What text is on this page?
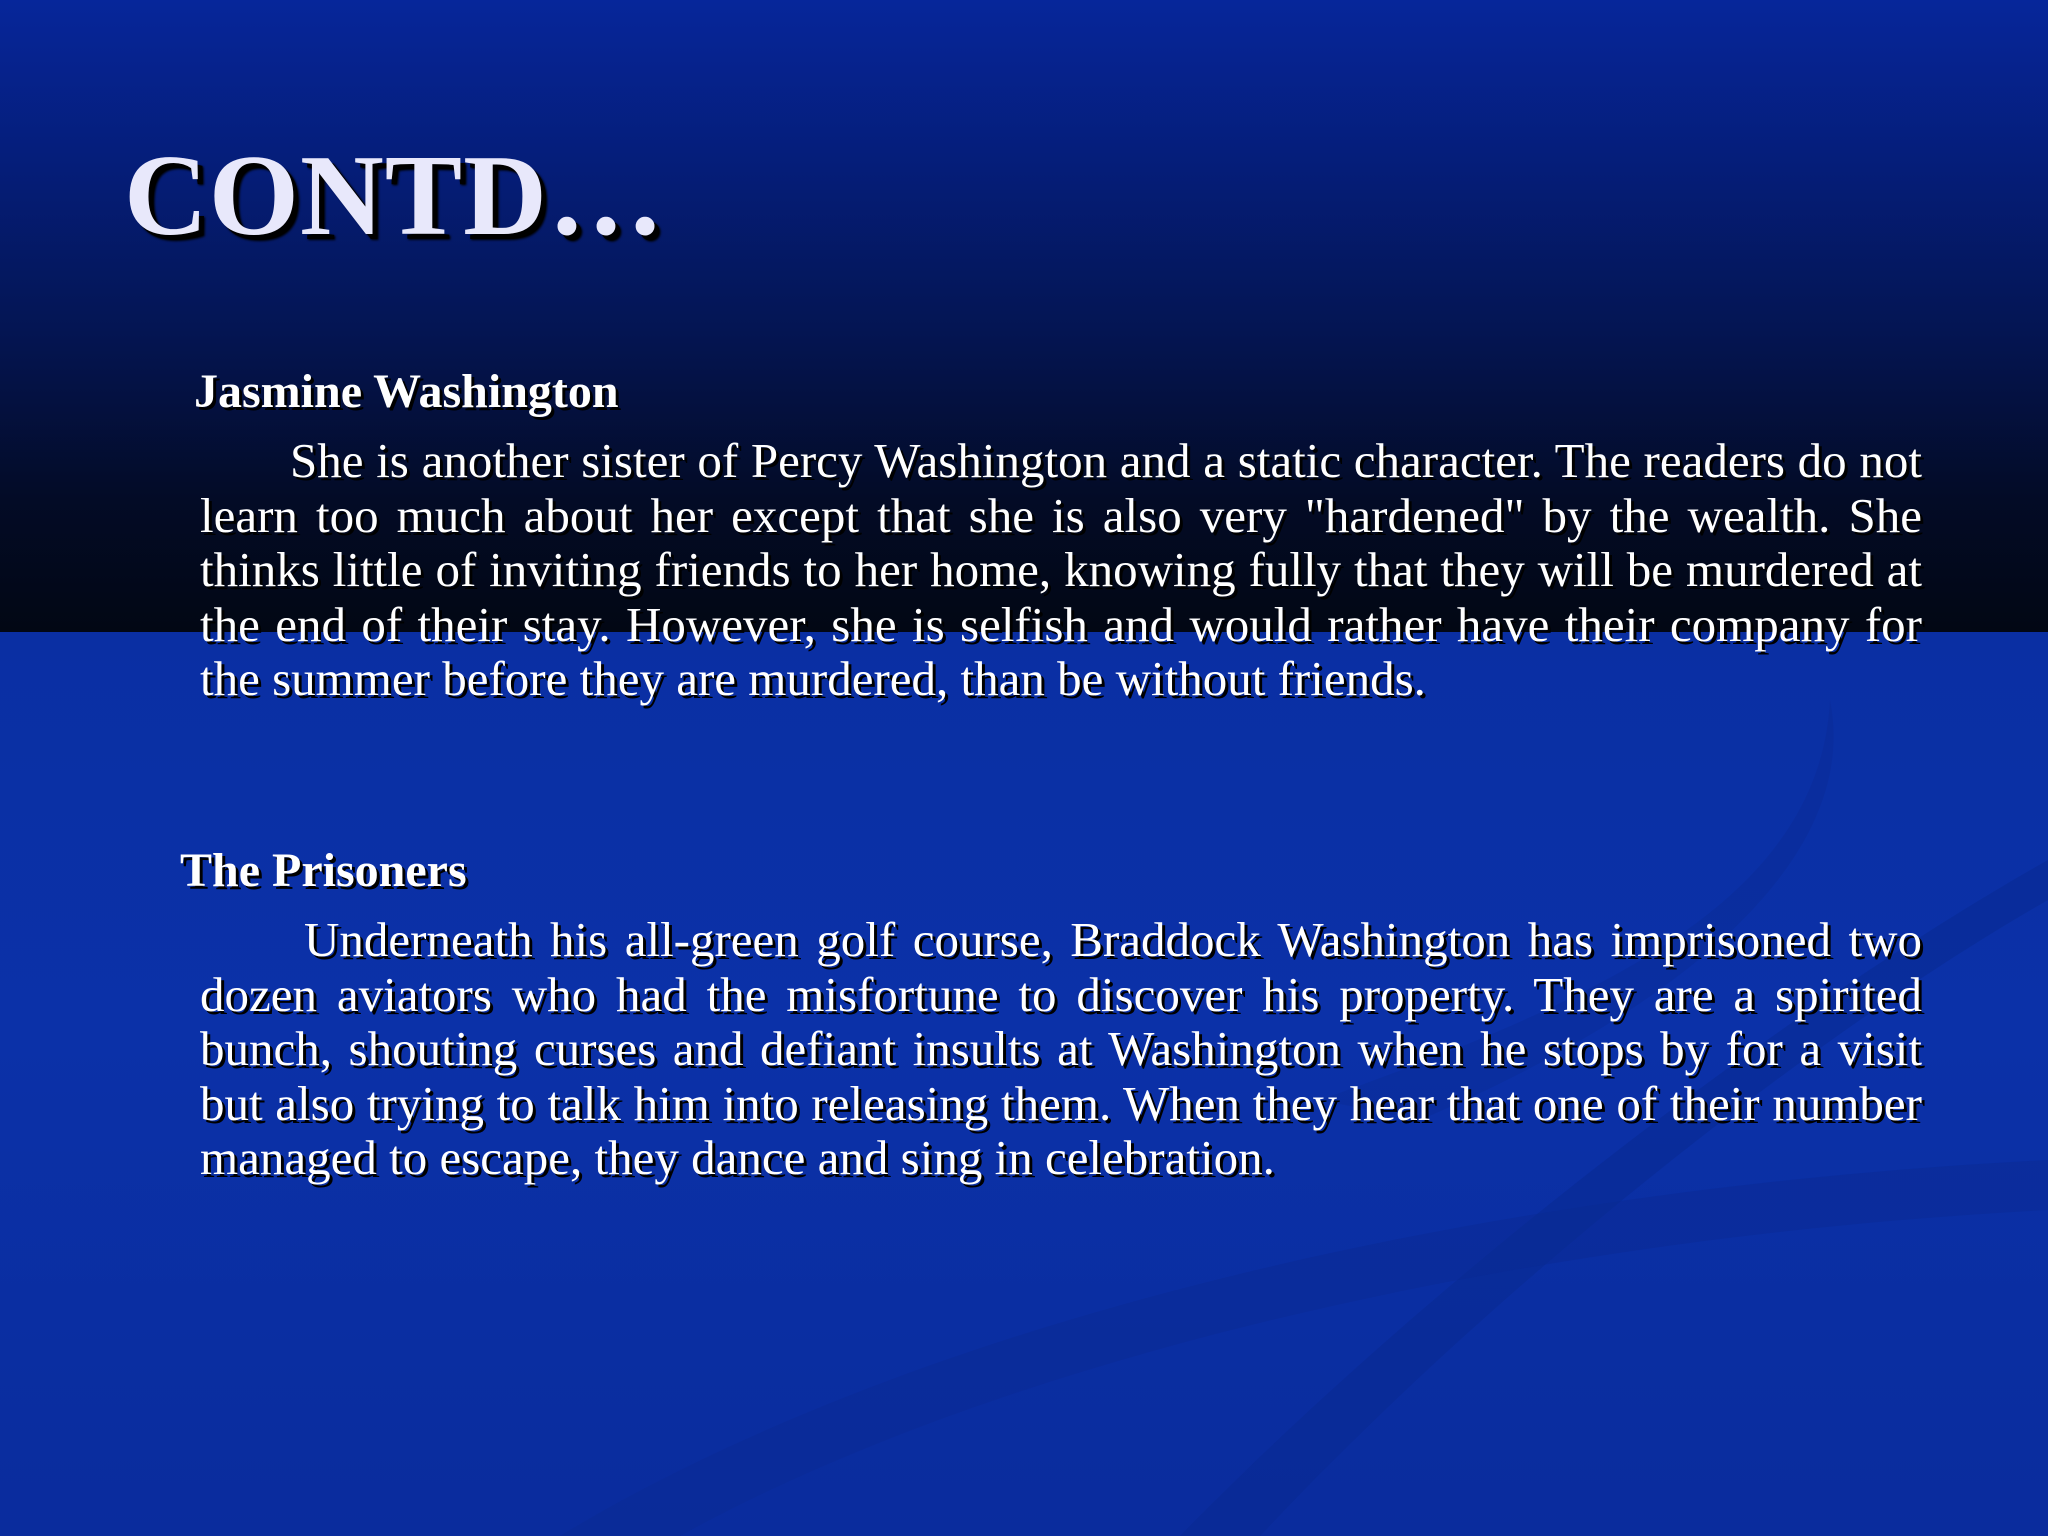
CONTD…
Jasmine Washington

She is another sister of Percy Washington and a static character. The readers do not learn too much about her except that she is also very "hardened" by the wealth. She thinks little of inviting friends to her home, knowing fully that they will be murdered at the end of their stay. However, she is selfish and would rather have their company for the summer before they are murdered, than be without friends.

The Prisoners

Underneath his all-green golf course, Braddock Washington has imprisoned two dozen aviators who had the misfortune to discover his property. They are a spirited bunch, shouting curses and defiant insults at Washington when he stops by for a visit but also trying to talk him into releasing them. When they hear that one of their number managed to escape, they dance and sing in celebration.
